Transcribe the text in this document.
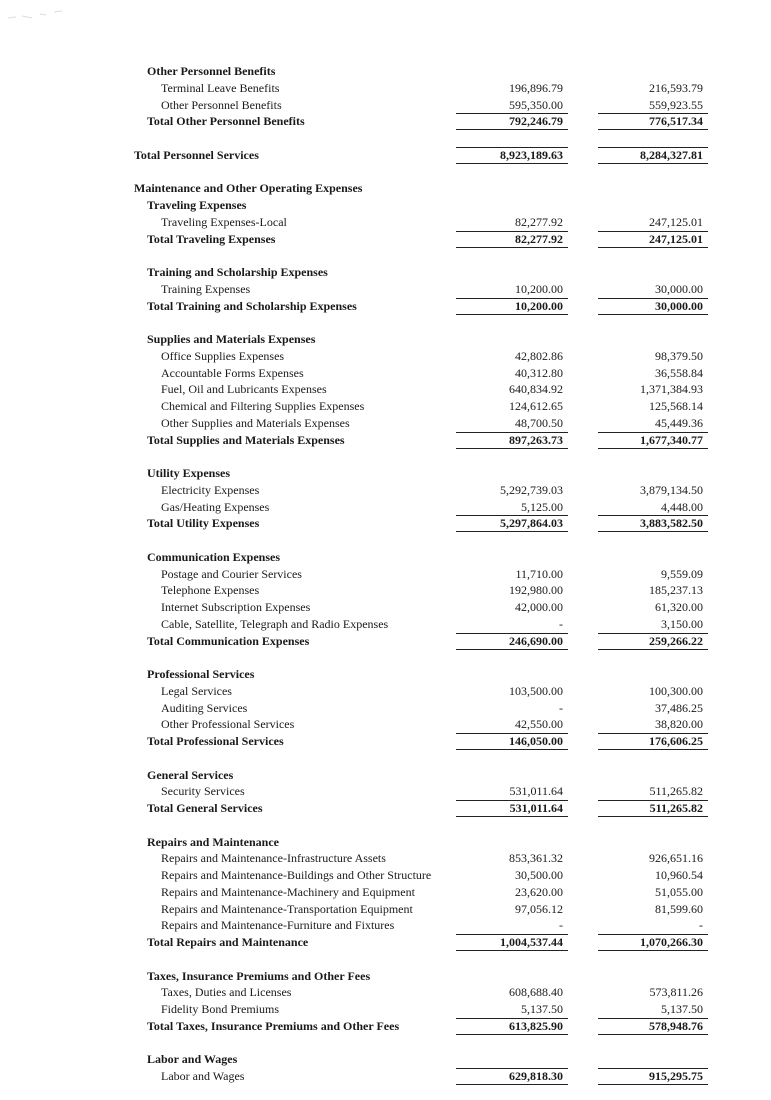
Other Personnel Benefits
Terminal Leave Benefits	196,896.79	216,593.79
Other Personnel Benefits	595,350.00	559,923.55
Total Other Personnel Benefits	792,246.79	776,517.34
Total Personnel Services	8,923,189.63	8,284,327.81
Maintenance and Other Operating Expenses
Traveling Expenses
Traveling Expenses-Local	82,277.92	247,125.01
Total Traveling Expenses	82,277.92	247,125.01
Training and Scholarship Expenses
Training Expenses	10,200.00	30,000.00
Total Training and Scholarship Expenses	10,200.00	30,000.00
Supplies and Materials Expenses
Office Supplies Expenses	42,802.86	98,379.50
Accountable Forms Expenses	40,312.80	36,558.84
Fuel, Oil and Lubricants Expenses	640,834.92	1,371,384.93
Chemical and Filtering Supplies Expenses	124,612.65	125,568.14
Other Supplies and Materials Expenses	48,700.50	45,449.36
Total Supplies and Materials Expenses	897,263.73	1,677,340.77
Utility Expenses
Electricity Expenses	5,292,739.03	3,879,134.50
Gas/Heating Expenses	5,125.00	4,448.00
Total Utility Expenses	5,297,864.03	3,883,582.50
Communication Expenses
Postage and Courier Services	11,710.00	9,559.09
Telephone Expenses	192,980.00	185,237.13
Internet Subscription Expenses	42,000.00	61,320.00
Cable, Satellite, Telegraph and Radio Expenses	-	3,150.00
Total Communication Expenses	246,690.00	259,266.22
Professional Services
Legal Services	103,500.00	100,300.00
Auditing Services	-	37,486.25
Other Professional Services	42,550.00	38,820.00
Total Professional Services	146,050.00	176,606.25
General Services
Security Services	531,011.64	511,265.82
Total General Services	531,011.64	511,265.82
Repairs and Maintenance
Repairs and Maintenance-Infrastructure Assets	853,361.32	926,651.16
Repairs and Maintenance-Buildings and Other Structure	30,500.00	10,960.54
Repairs and Maintenance-Machinery and Equipment	23,620.00	51,055.00
Repairs and Maintenance-Transportation Equipment	97,056.12	81,599.60
Repairs and Maintenance-Furniture and Fixtures	-	-
Total Repairs and Maintenance	1,004,537.44	1,070,266.30
Taxes, Insurance Premiums and Other Fees
Taxes, Duties and Licenses	608,688.40	573,811.26
Fidelity Bond Premiums	5,137.50	5,137.50
Total Taxes, Insurance Premiums and Other Fees	613,825.90	578,948.76
Labor and Wages
Labor and Wages	629,818.30	915,295.75
